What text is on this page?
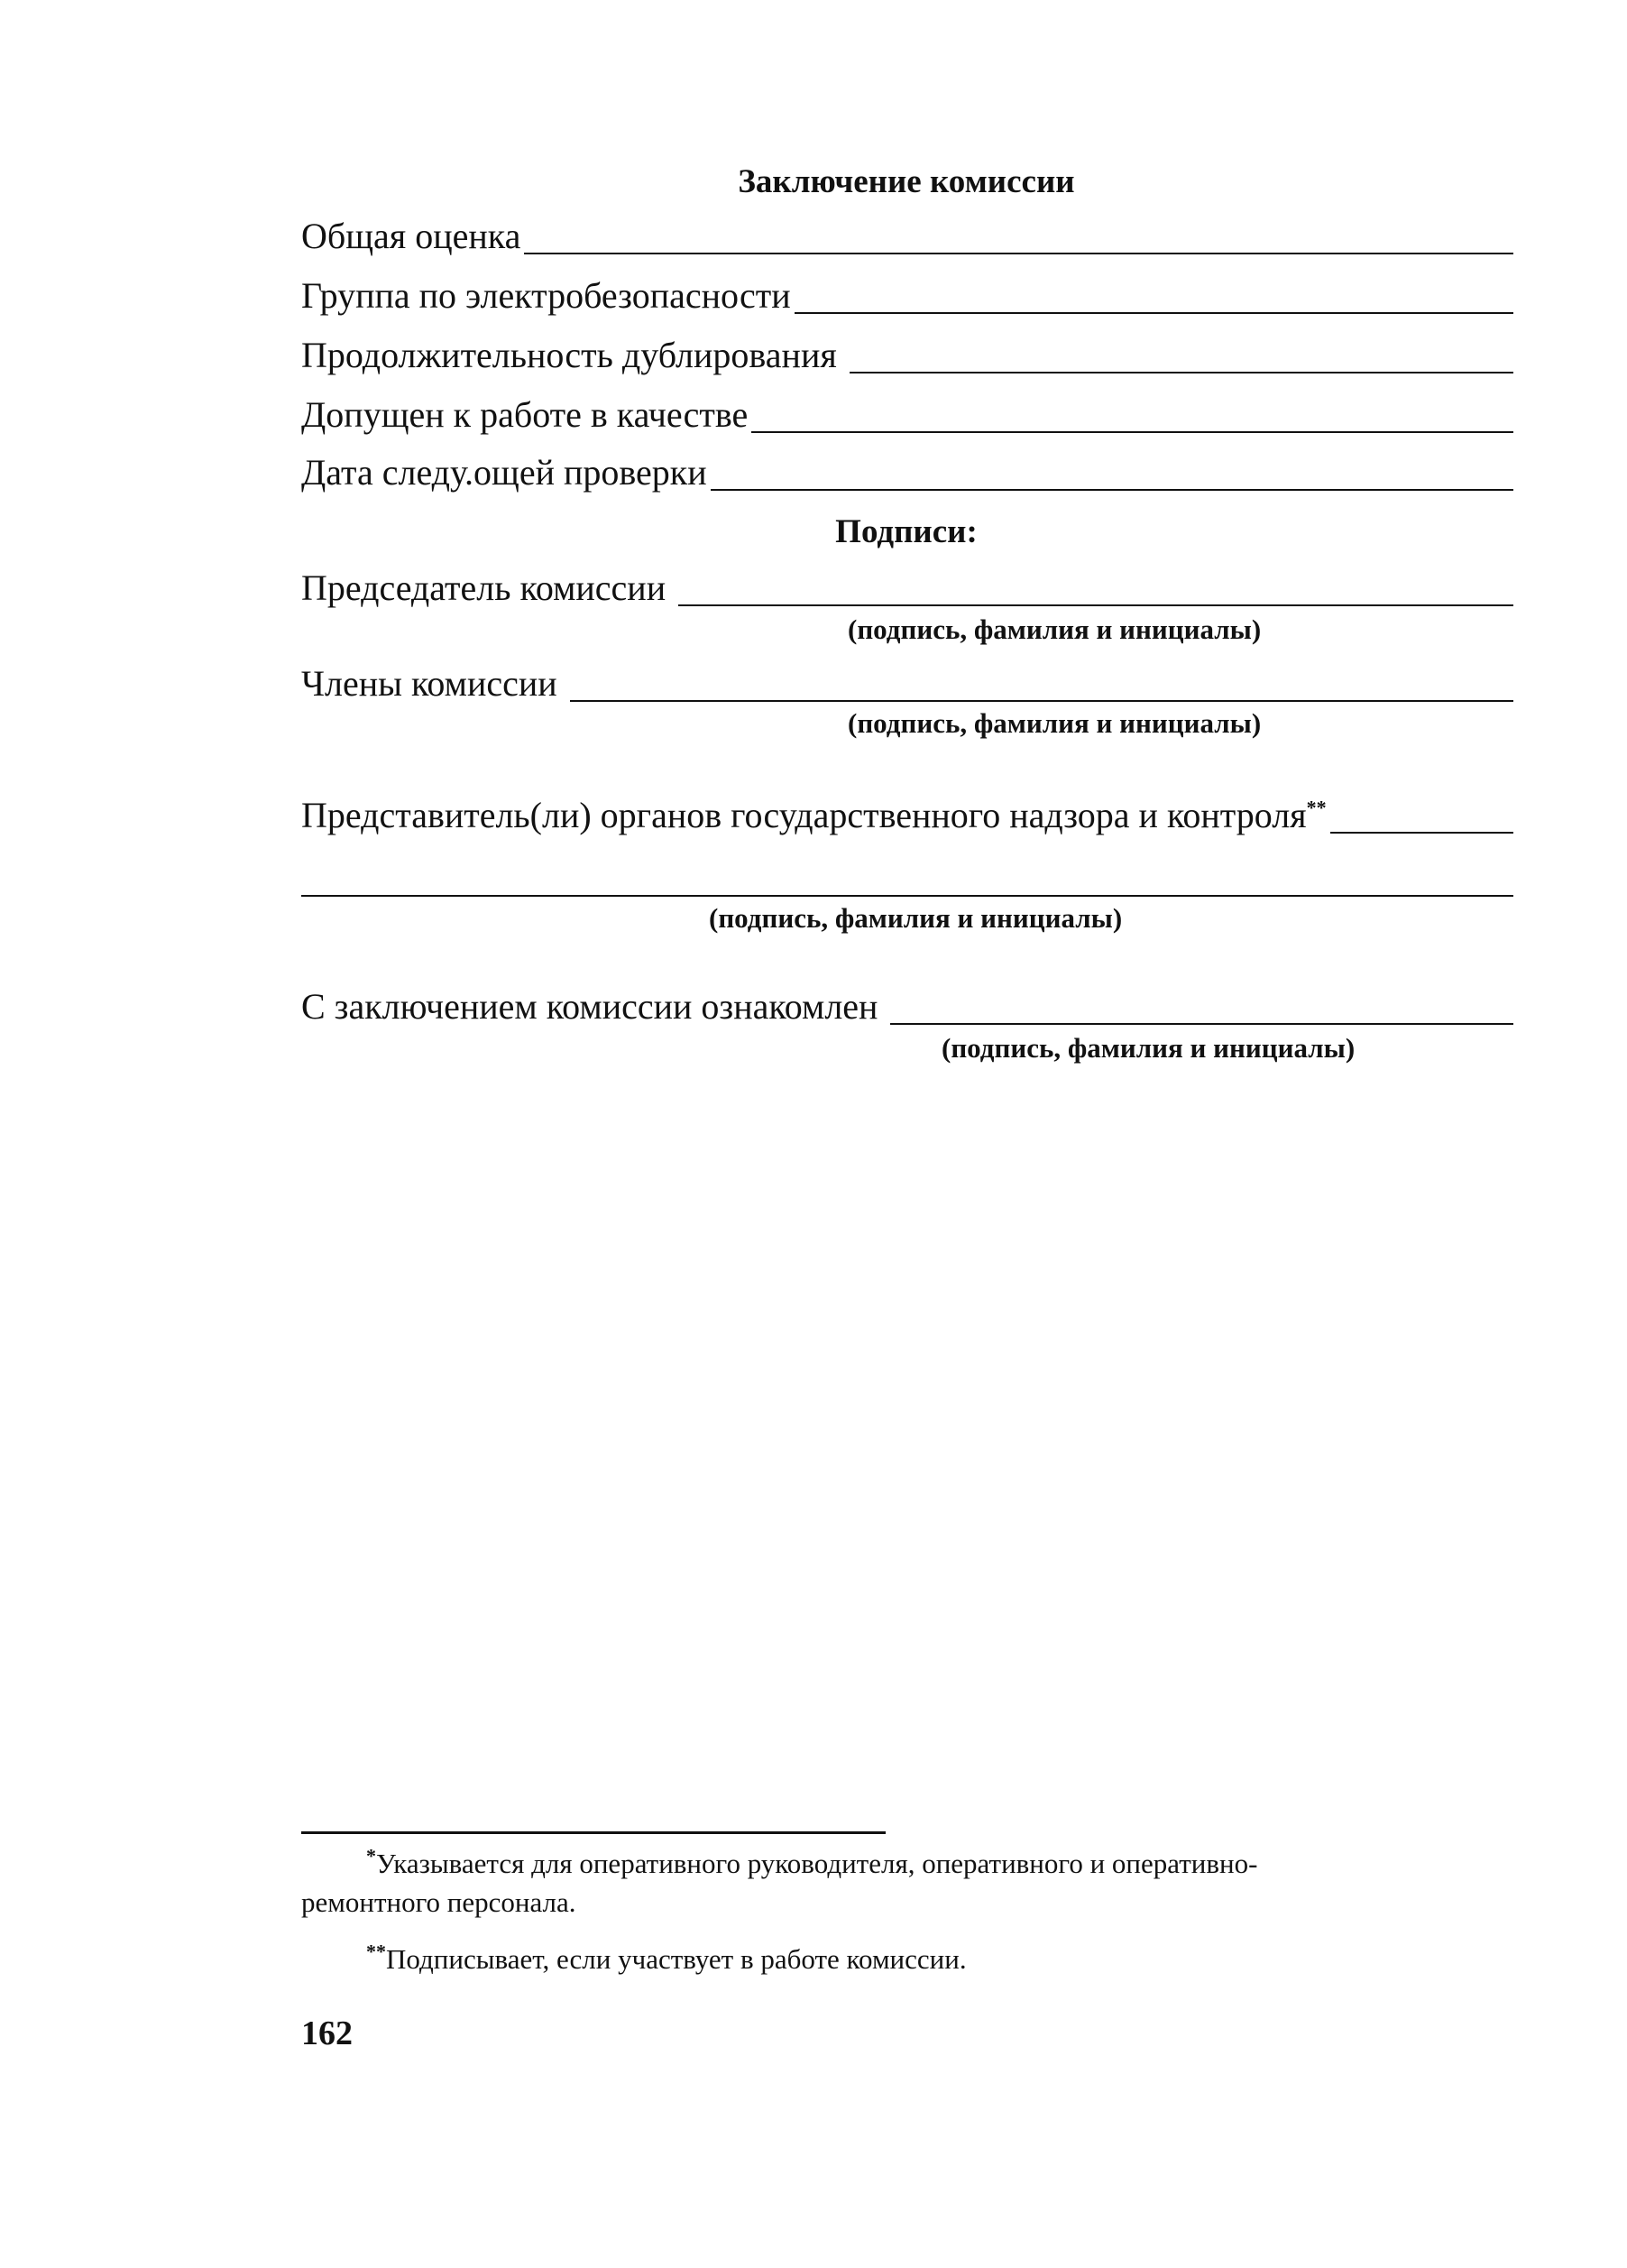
Заключение комиссии
Общая оценка
Группа по электробезопасности
Продолжительность дублирования
Допущен к работе в качестве
Дата следу.ощей проверки
Подписи:
Председатель комиссии
(подпись, фамилия и инициалы)
Члены комиссии
(подпись, фамилия и инициалы)
Представитель(ли) органов государственного надзора и контроля**
(подпись, фамилия и инициалы)
С заключением комиссии ознакомлен
(подпись, фамилия и инициалы)
*Указывается для оперативного руководителя, оперативного и оперативно-
ремонтного персонала.
**Подписывает, если участвует в работе комиссии.
162
